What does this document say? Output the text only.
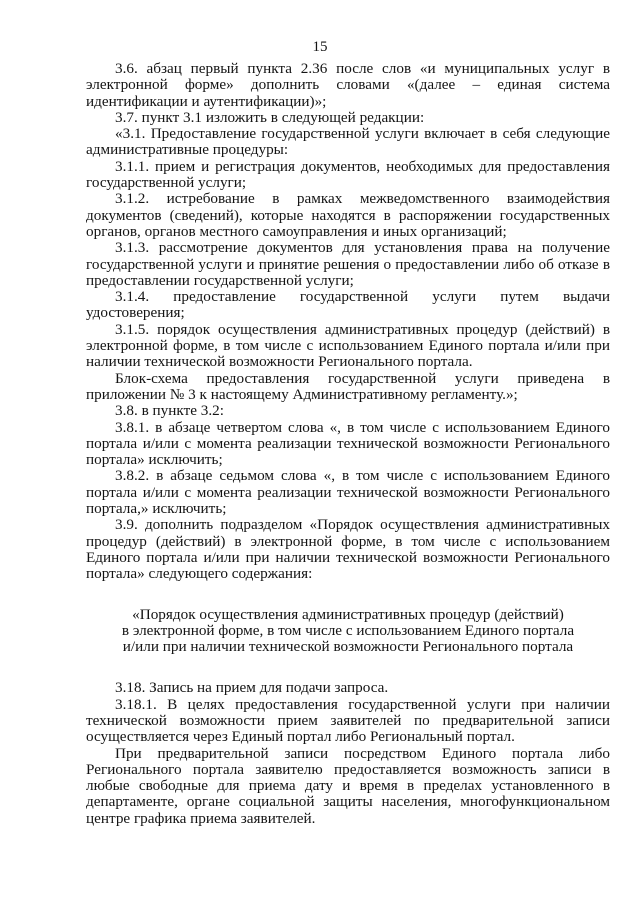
15

3.6. абзац первый пункта 2.36 после слов «и муниципальных услуг в электронной форме» дополнить словами «(далее – единая система идентификации и аутентификации)»;

3.7. пункт 3.1 изложить в следующей редакции:

«3.1. Предоставление государственной услуги включает в себя следующие административные процедуры:

3.1.1. прием и регистрация документов, необходимых для предоставления государственной услуги;

3.1.2. истребование в рамках межведомственного взаимодействия документов (сведений), которые находятся в распоряжении государственных органов, органов местного самоуправления и иных организаций;

3.1.3. рассмотрение документов для установления права на получение государственной услуги и принятие решения о предоставлении либо об отказе в предоставлении государственной услуги;

3.1.4. предоставление государственной услуги путем выдачи удостоверения;

3.1.5. порядок осуществления административных процедур (действий) в электронной форме, в том числе с использованием Единого портала и/или при наличии технической возможности Регионального портала.

Блок-схема предоставления государственной услуги приведена в приложении № 3 к настоящему Административному регламенту.»;

3.8. в пункте 3.2:

3.8.1. в абзаце четвертом слова «, в том числе с использованием Единого портала и/или с момента реализации технической возможности Регионального портала» исключить;

3.8.2. в абзаце седьмом слова «, в том числе с использованием Единого портала и/или с момента реализации технической возможности Регионального портала,» исключить;

3.9. дополнить подразделом «Порядок осуществления административных процедур (действий) в электронной форме, в том числе с использованием Единого портала и/или при наличии технической возможности Регионального портала» следующего содержания:

«Порядок осуществления административных процедур (действий)
в электронной форме, в том числе с использованием Единого портала
и/или при наличии технической возможности Регионального портала

3.18. Запись на прием для подачи запроса.

3.18.1. В целях предоставления государственной услуги при наличии технической возможности прием заявителей по предварительной записи осуществляется через Единый портал либо Региональный портал.

При предварительной записи посредством Единого портала либо Регионального портала заявителю предоставляется возможность записи в любые свободные для приема дату и время в пределах установленного в департаменте, органе социальной защиты населения, многофункциональном центре графика приема заявителей.
